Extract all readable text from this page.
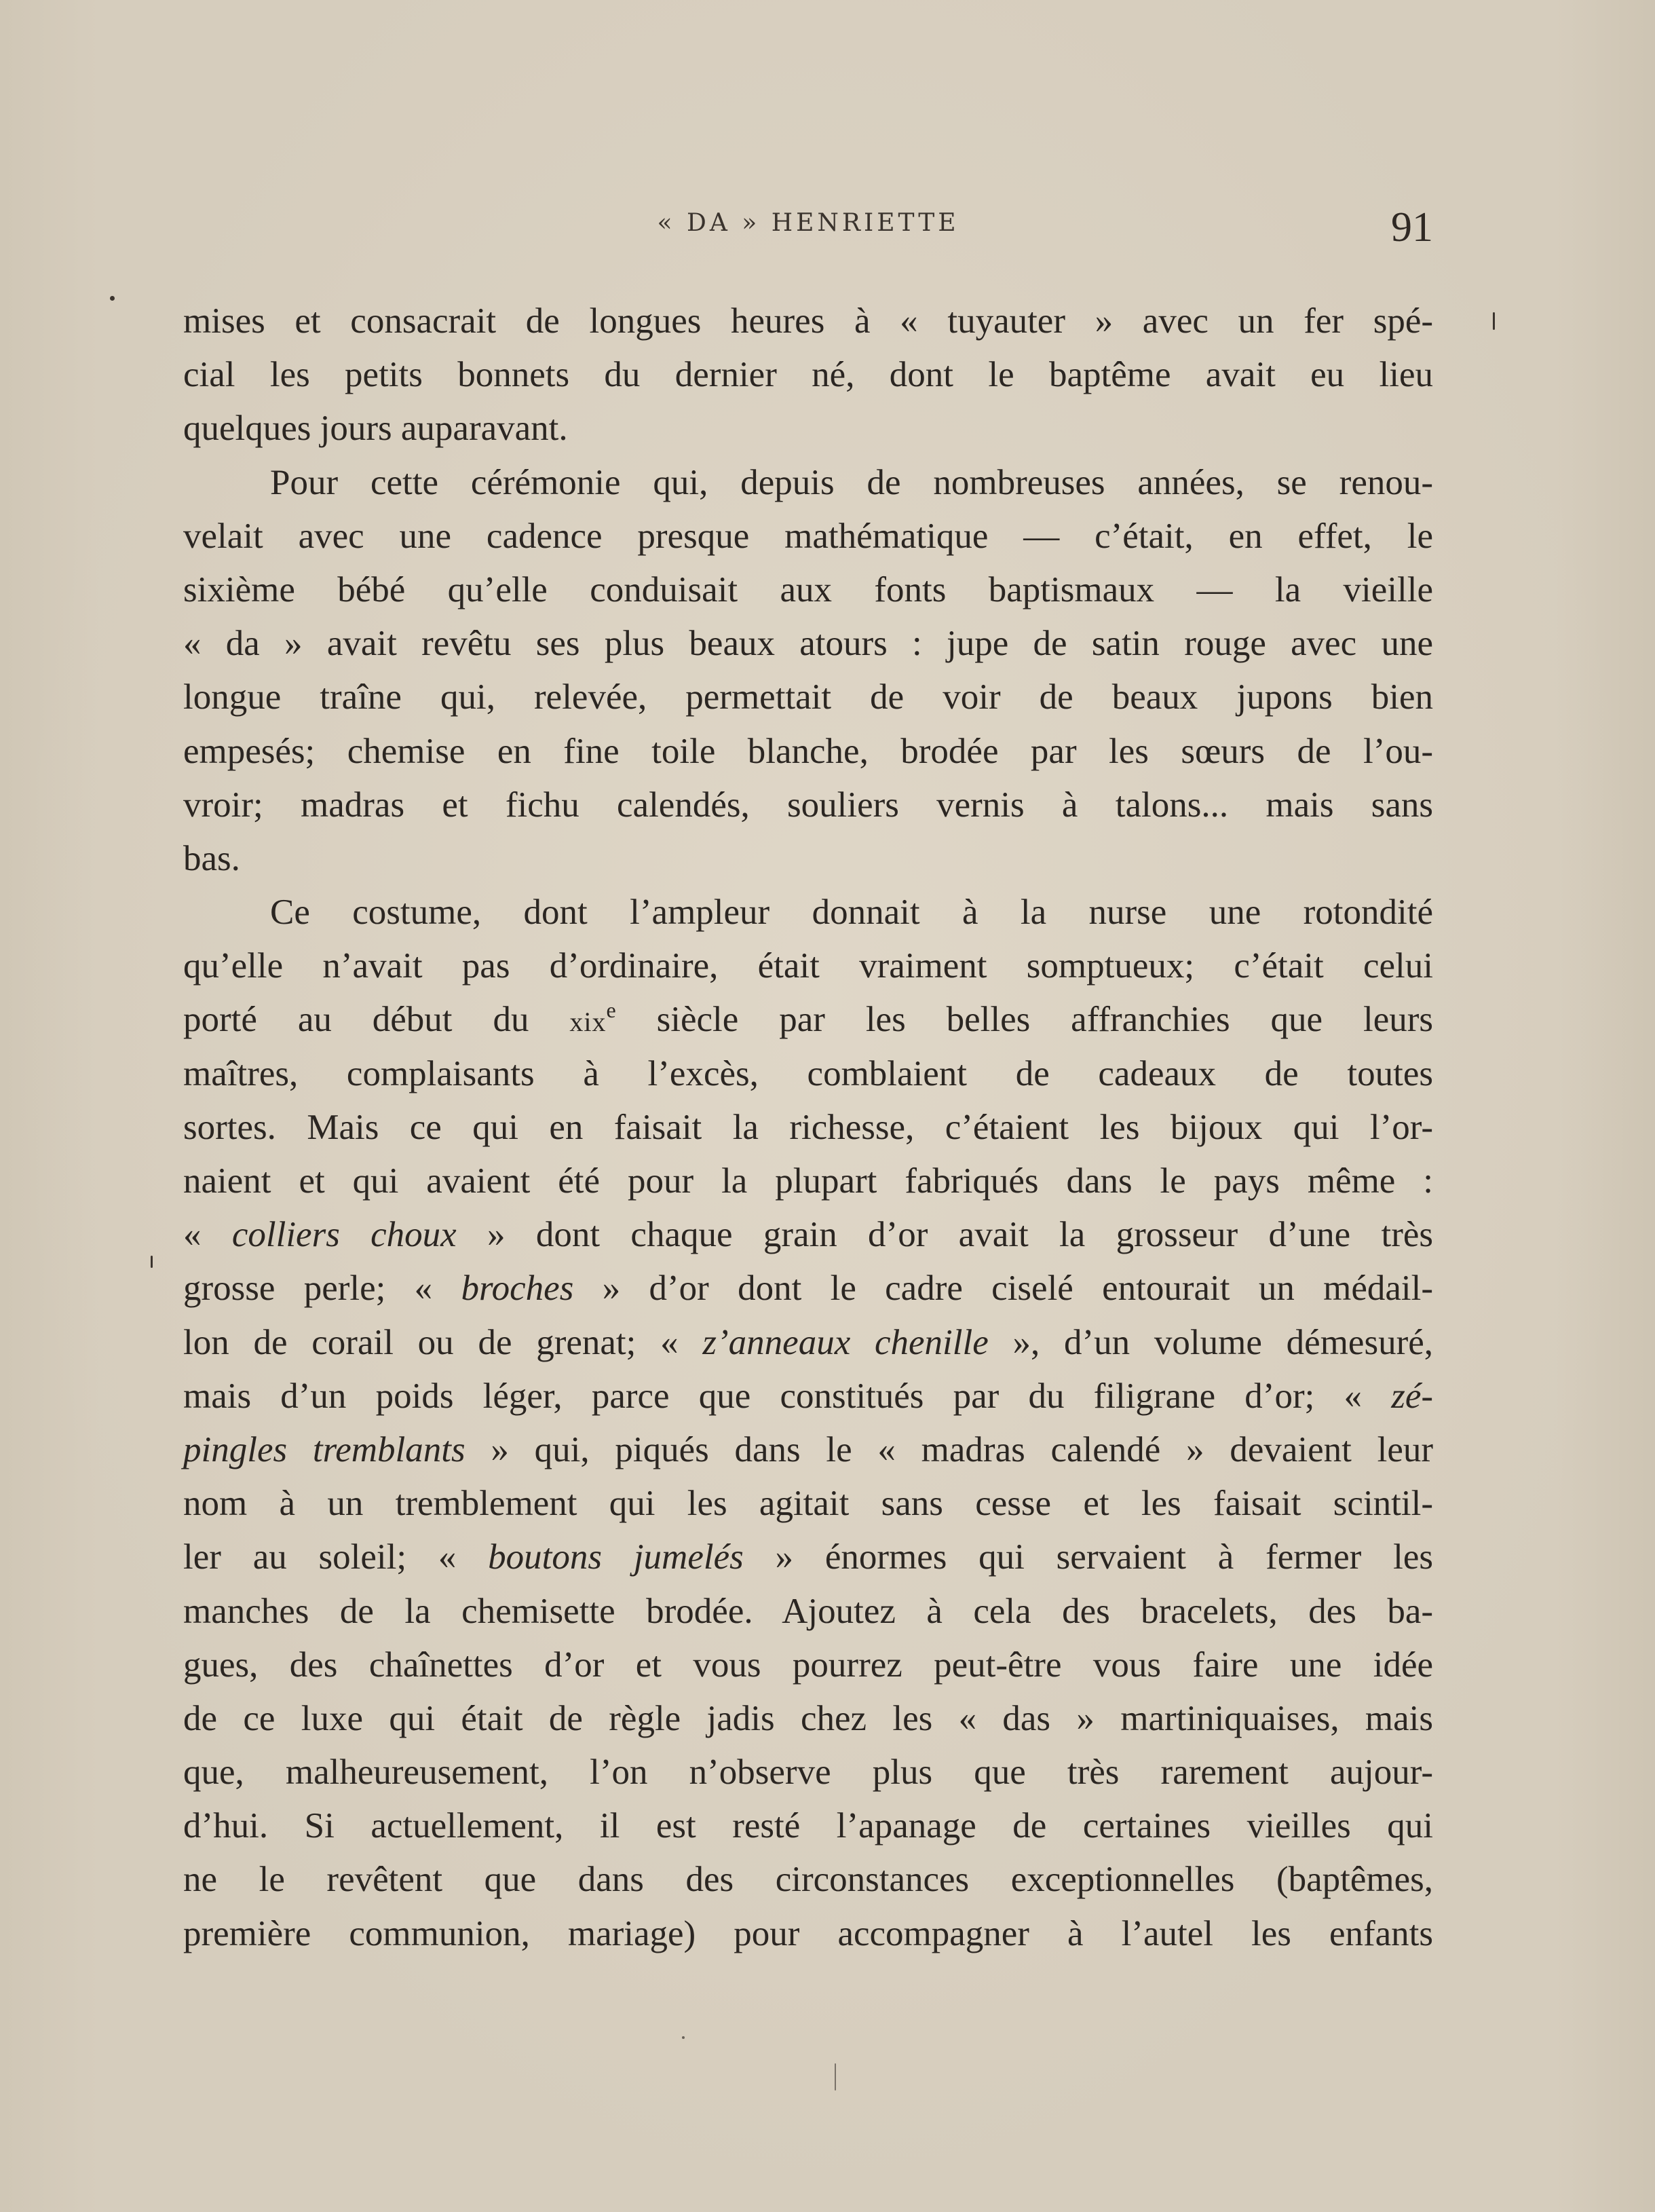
« DA » HENRIETTE	91
mises et consacrait de longues heures à « tuyauter » avec un fer spé-
cial les petits bonnets du dernier né, dont le baptême avait eu lieu
quelques jours auparavant.
Pour cette cérémonie qui, depuis de nombreuses années, se renou-
velait avec une cadence presque mathématique — c’était, en effet, le
sixième bébé qu’elle conduisait aux fonts baptismaux — la vieille
« da » avait revêtu ses plus beaux atours : jupe de satin rouge avec une
longue traîne qui, relevée, permettait de voir de beaux jupons bien
empesés; chemise en fine toile blanche, brodée par les sœurs de l’ou-
vroir; madras et fichu calendés, souliers vernis à talons... mais sans
bas.
Ce costume, dont l’ampleur donnait à la nurse une rotondité
qu’elle n’avait pas d’ordinaire, était vraiment somptueux; c’était celui
porté au début du xix$^e$ siècle par les belles affranchies que leurs
maîtres, complaisants à l’excès, comblaient de cadeaux de toutes
sortes. Mais ce qui en faisait la richesse, c’étaient les bijoux qui l’or-
naient et qui avaient été pour la plupart fabriqués dans le pays même :
« colliers choux » dont chaque grain d’or avait la grosseur d’une très
grosse perle; « broches » d’or dont le cadre ciselé entourait un médail-
lon de corail ou de grenat; « z’anneaux chenille », d’un volume démesuré,
mais d’un poids léger, parce que constitués par du filigrane d’or; « zé-
pingles tremblants » qui, piqués dans le « madras calendé » devaient leur
nom à un tremblement qui les agitait sans cesse et les faisait scintil-
ler au soleil; « boutons jumelés » énormes qui servaient à fermer les
manches de la chemisette brodée. Ajoutez à cela des bracelets, des ba-
gues, des chaînettes d’or et vous pourrez peut-être vous faire une idée
de ce luxe qui était de règle jadis chez les « das » martiniquaises, mais
que, malheureusement, l’on n’observe plus que très rarement aujour-
d’hui. Si actuellement, il est resté l’apanage de certaines vieilles qui
ne le revêtent que dans des circonstances exceptionnelles (baptêmes,
première communion, mariage) pour accompagner à l’autel les enfants
